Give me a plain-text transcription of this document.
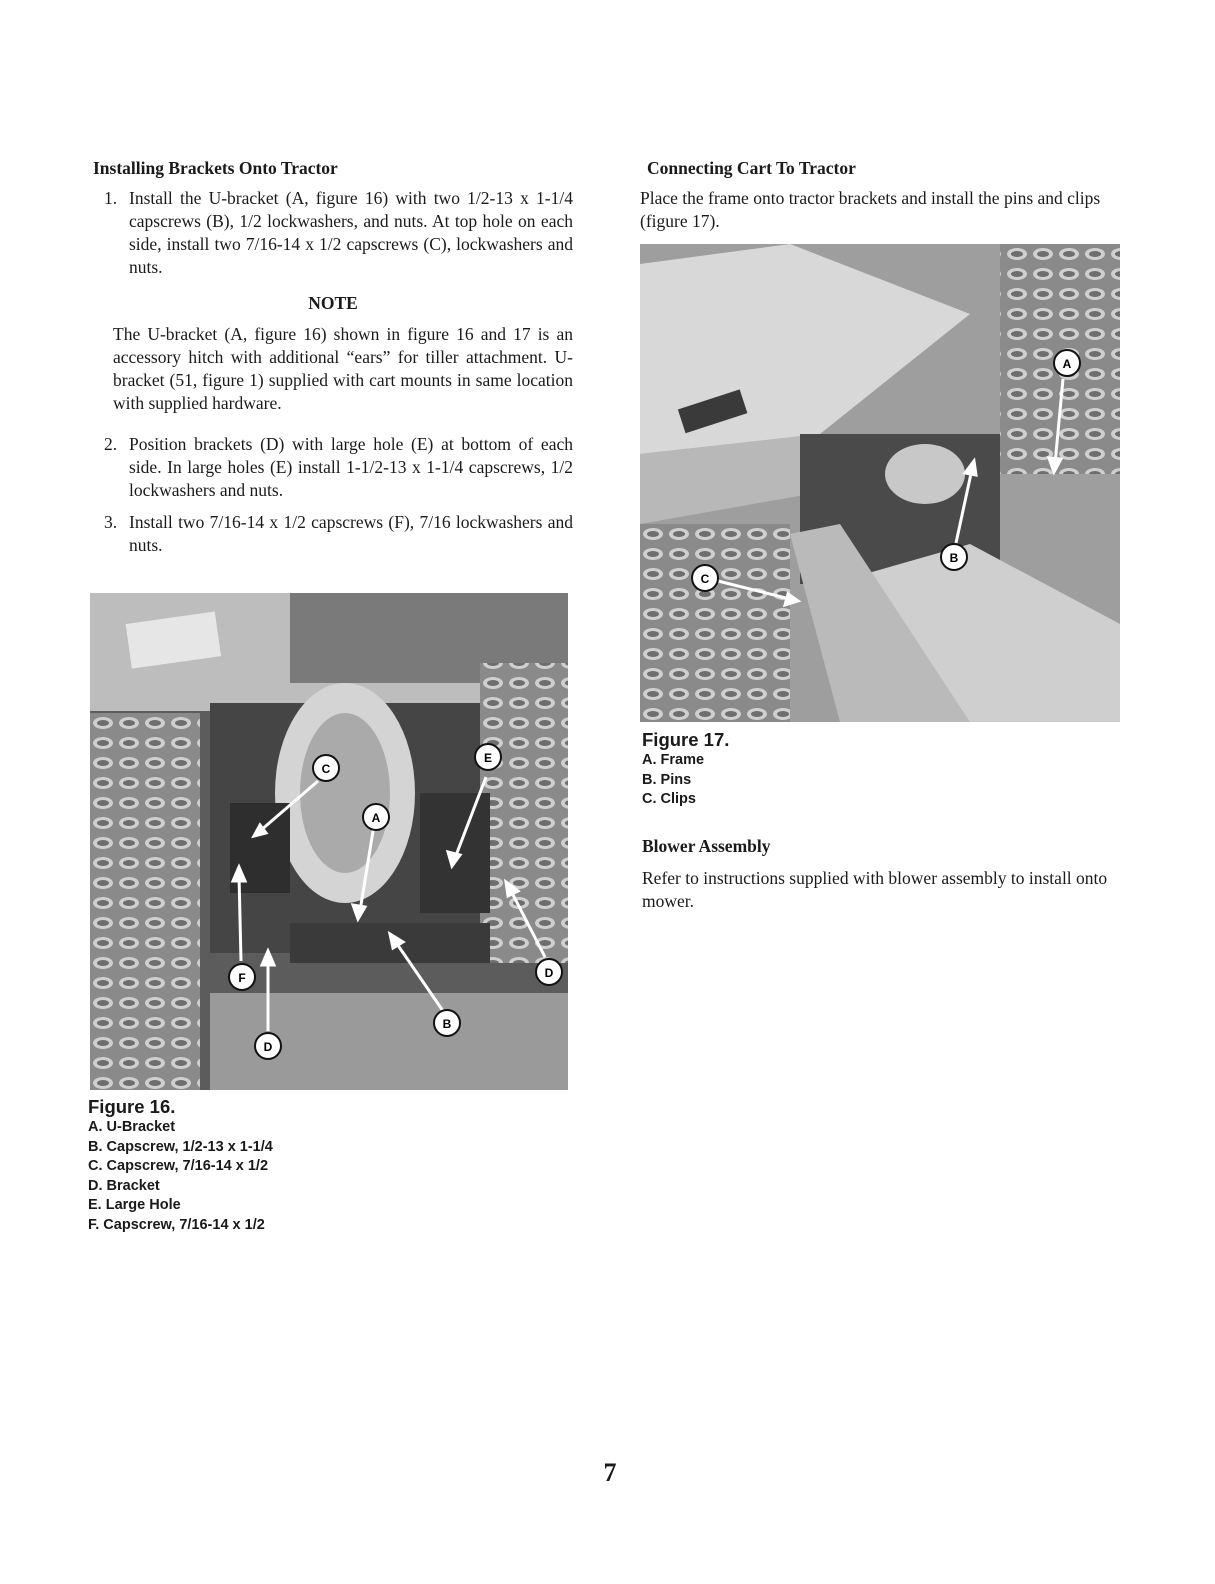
Installing Brackets Onto Tractor
1. Install the U-bracket (A, figure 16) with two 1/2-13 x 1-1/4 capscrews (B), 1/2 lockwashers, and nuts. At top hole on each side, install two 7/16-14 x 1/2 capscrews (C), lockwashers and nuts.
NOTE
The U-bracket (A, figure 16) shown in figure 16 and 17 is an accessory hitch with additional “ears” for tiller attachment. U-bracket (51, figure 1) supplied with cart mounts in same location with supplied hardware.
2. Position brackets (D) with large hole (E) at bottom of each side. In large holes (E) install 1-1/2-13 x 1-1/4 capscrews, 1/2 lockwashers and nuts.
3. Install two 7/16-14 x 1/2 capscrews (F), 7/16 lockwashers and nuts.
C
A
E
F
D
B
D
Figure 16.
A. U-Bracket
B. Capscrew, 1/2-13 x 1-1/4
C. Capscrew, 7/16-14 x 1/2
D. Bracket
E. Large Hole
F. Capscrew, 7/16-14 x 1/2
Connecting Cart To Tractor

Place the frame onto tractor brackets and install the pins and clips (figure 17).

A
B
C
Figure 17.
A. Frame
B. Pins
C. Clips
Blower Assembly

Refer to instructions supplied with blower assembly to install onto mower.

7
